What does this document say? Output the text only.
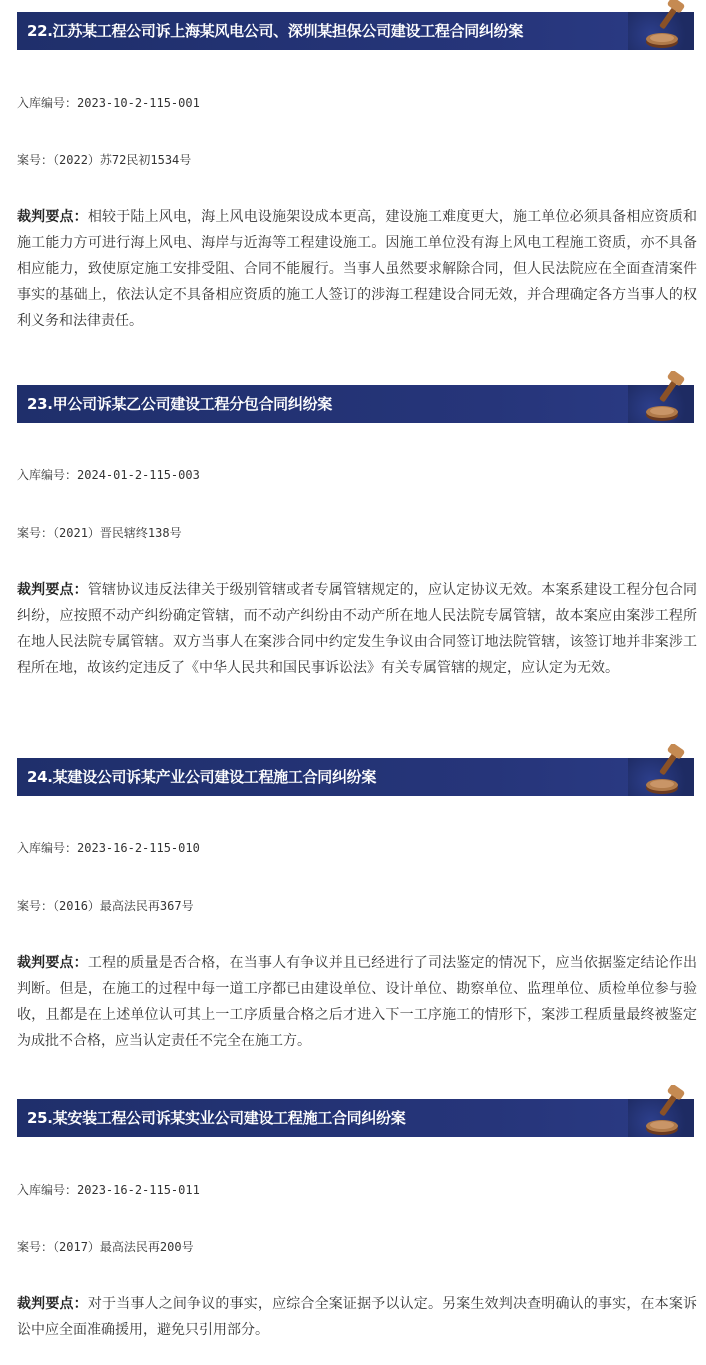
22.江苏某工程公司诉上海某风电公司、深圳某担保公司建设工程合同纠纷案
入库编号：2023-10-2-115-001
案号：（2022）苏72民初1534号
裁判要点：相较于陆上风电，海上风电设施架设成本更高，建设施工难度更大，施工单位必须具备相应资质和施工能力方可进行海上风电、海岸与近海等工程建设施工。因施工单位没有海上风电工程施工资质，亦不具备相应能力，致使原定施工安排受阻、合同不能履行。当事人虽然要求解除合同，但人民法院应在全面查清案件事实的基础上，依法认定不具备相应资质的施工人签订的涉海工程建设合同无效，并合理确定各方当事人的权利义务和法律责任。
23.甲公司诉某乙公司建设工程分包合同纠纷案
入库编号：2024-01-2-115-003
案号：（2021）晋民辖终138号
裁判要点：管辖协议违反法律关于级别管辖或者专属管辖规定的，应认定协议无效。本案系建设工程分包合同纠纷，应按照不动产纠纷确定管辖，而不动产纠纷由不动产所在地人民法院专属管辖，故本案应由案涉工程所在地人民法院专属管辖。双方当事人在案涉合同中约定发生争议由合同签订地法院管辖，该签订地并非案涉工程所在地，故该约定违反了《中华人民共和国民事诉讼法》有关专属管辖的规定，应认定为无效。
24.某建设公司诉某产业公司建设工程施工合同纠纷案
入库编号：2023-16-2-115-010
案号：（2016）最高法民再367号
裁判要点：工程的质量是否合格，在当事人有争议并且已经进行了司法鉴定的情况下，应当依据鉴定结论作出判断。但是，在施工的过程中每一道工序都已由建设单位、设计单位、勘察单位、监理单位、质检单位参与验收，且都是在上述单位认可其上一工序质量合格之后才进入下一工序施工的情形下，案涉工程质量最终被鉴定为成批不合格，应当认定责任不完全在施工方。
25.某安装工程公司诉某实业公司建设工程施工合同纠纷案
入库编号：2023-16-2-115-011
案号：（2017）最高法民再200号
裁判要点：对于当事人之间争议的事实，应综合全案证据予以认定。另案生效判决查明确认的事实，在本案诉讼中应全面准确援用，避免只引用部分。
